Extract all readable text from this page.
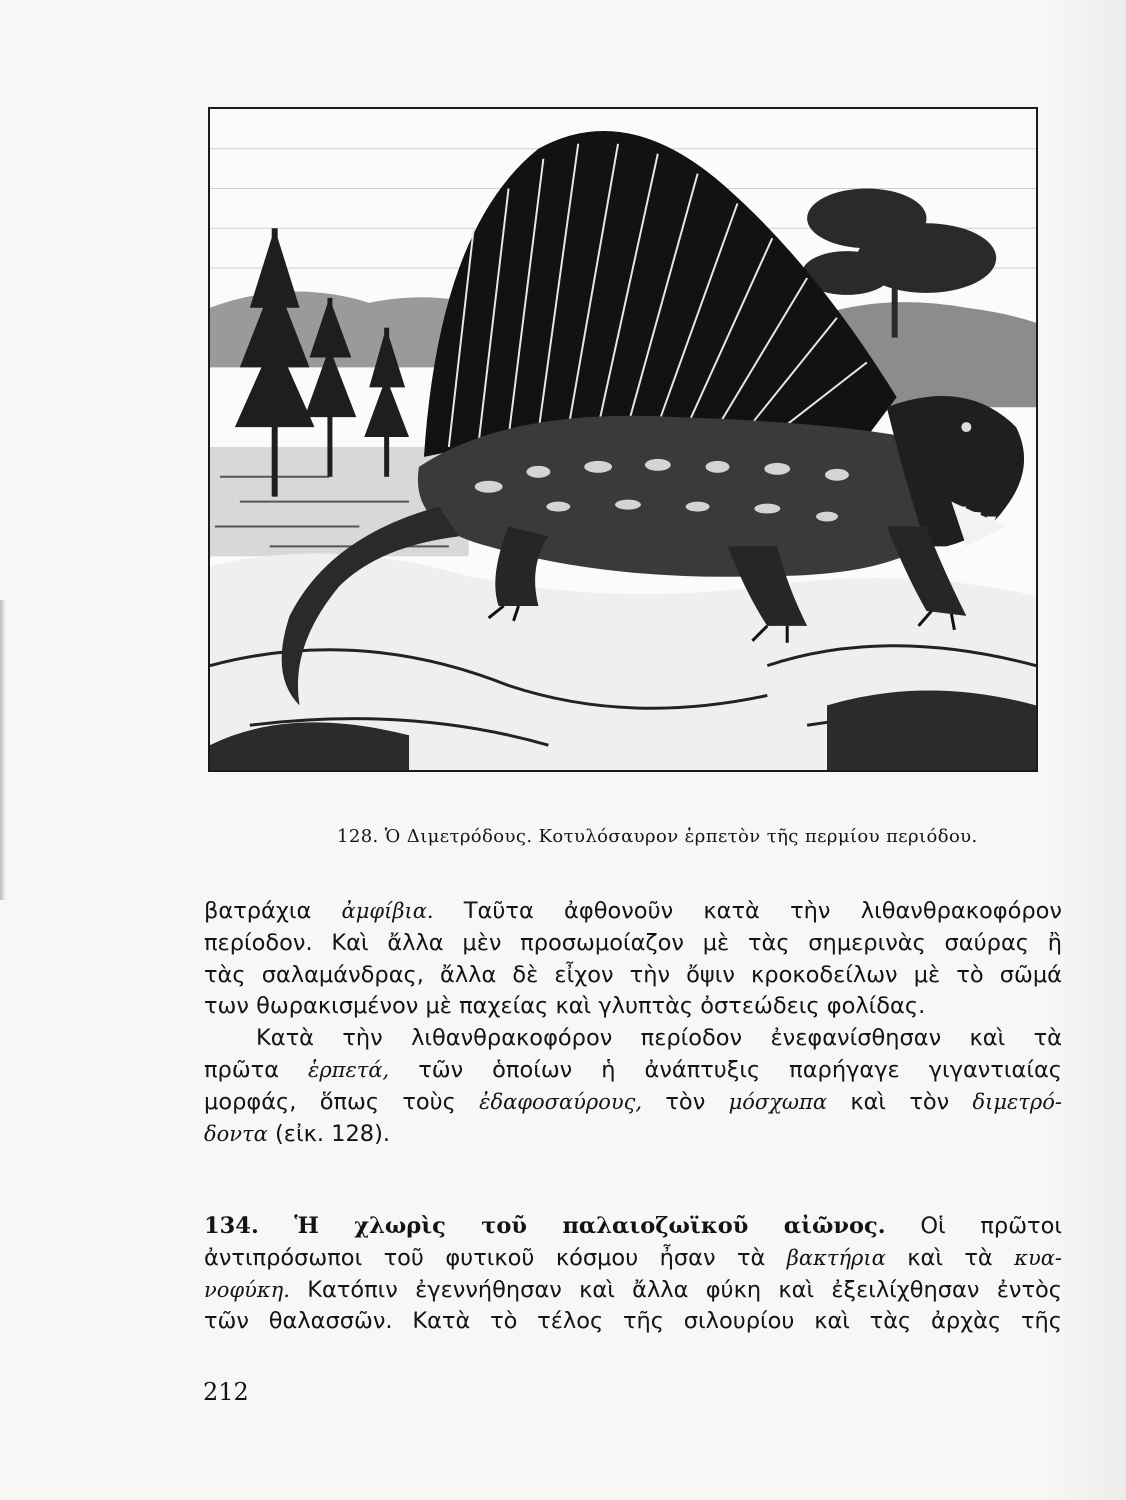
128. Ὁ Διμετρόδους. Κοτυλόσαυρον ἑρπετὸν τῆς περμίου περιόδου.
βατράχια ἀμφίβια. Ταῦτα ἀφθονοῦν κατὰ τὴν λιθανθρακοφόρον
περίοδον. Καὶ ἄλλα μὲν προσωμοίαζον μὲ τὰς σημερινὰς σαύρας ἢ
τὰς σαλαμάνδρας, ἄλλα δὲ εἶχον τὴν ὄψιν κροκοδείλων μὲ τὸ σῶμά
των θωρακισμένον μὲ παχείας καὶ γλυπτὰς ὀστεώδεις φολίδας.
Κατὰ τὴν λιθανθρακοφόρον περίοδον ἐνεφανίσθησαν καὶ τὰ
πρῶτα ἑρπετά, τῶν ὁποίων ἡ ἀνάπτυξις παρήγαγε γιγαντιαίας
μορφάς, ὅπως τοὺς ἐδαφοσαύρους, τὸν μόσχωπα καὶ τὸν διμετρό-
δοντα (εἰκ. 128).
134. Ἡ χλωρὶς τοῦ παλαιοζωϊκοῦ αἰῶνος. Οἱ πρῶτοι
ἀντιπρόσωποι τοῦ φυτικοῦ κόσμου ἦσαν τὰ βακτήρια καὶ τὰ κυα-
νοφύκη. Κατόπιν ἐγεννήθησαν καὶ ἄλλα φύκη καὶ ἐξειλίχθησαν ἐντὸς
τῶν θαλασσῶν. Κατὰ τὸ τέλος τῆς σιλουρίου καὶ τὰς ἀρχὰς τῆς
212
